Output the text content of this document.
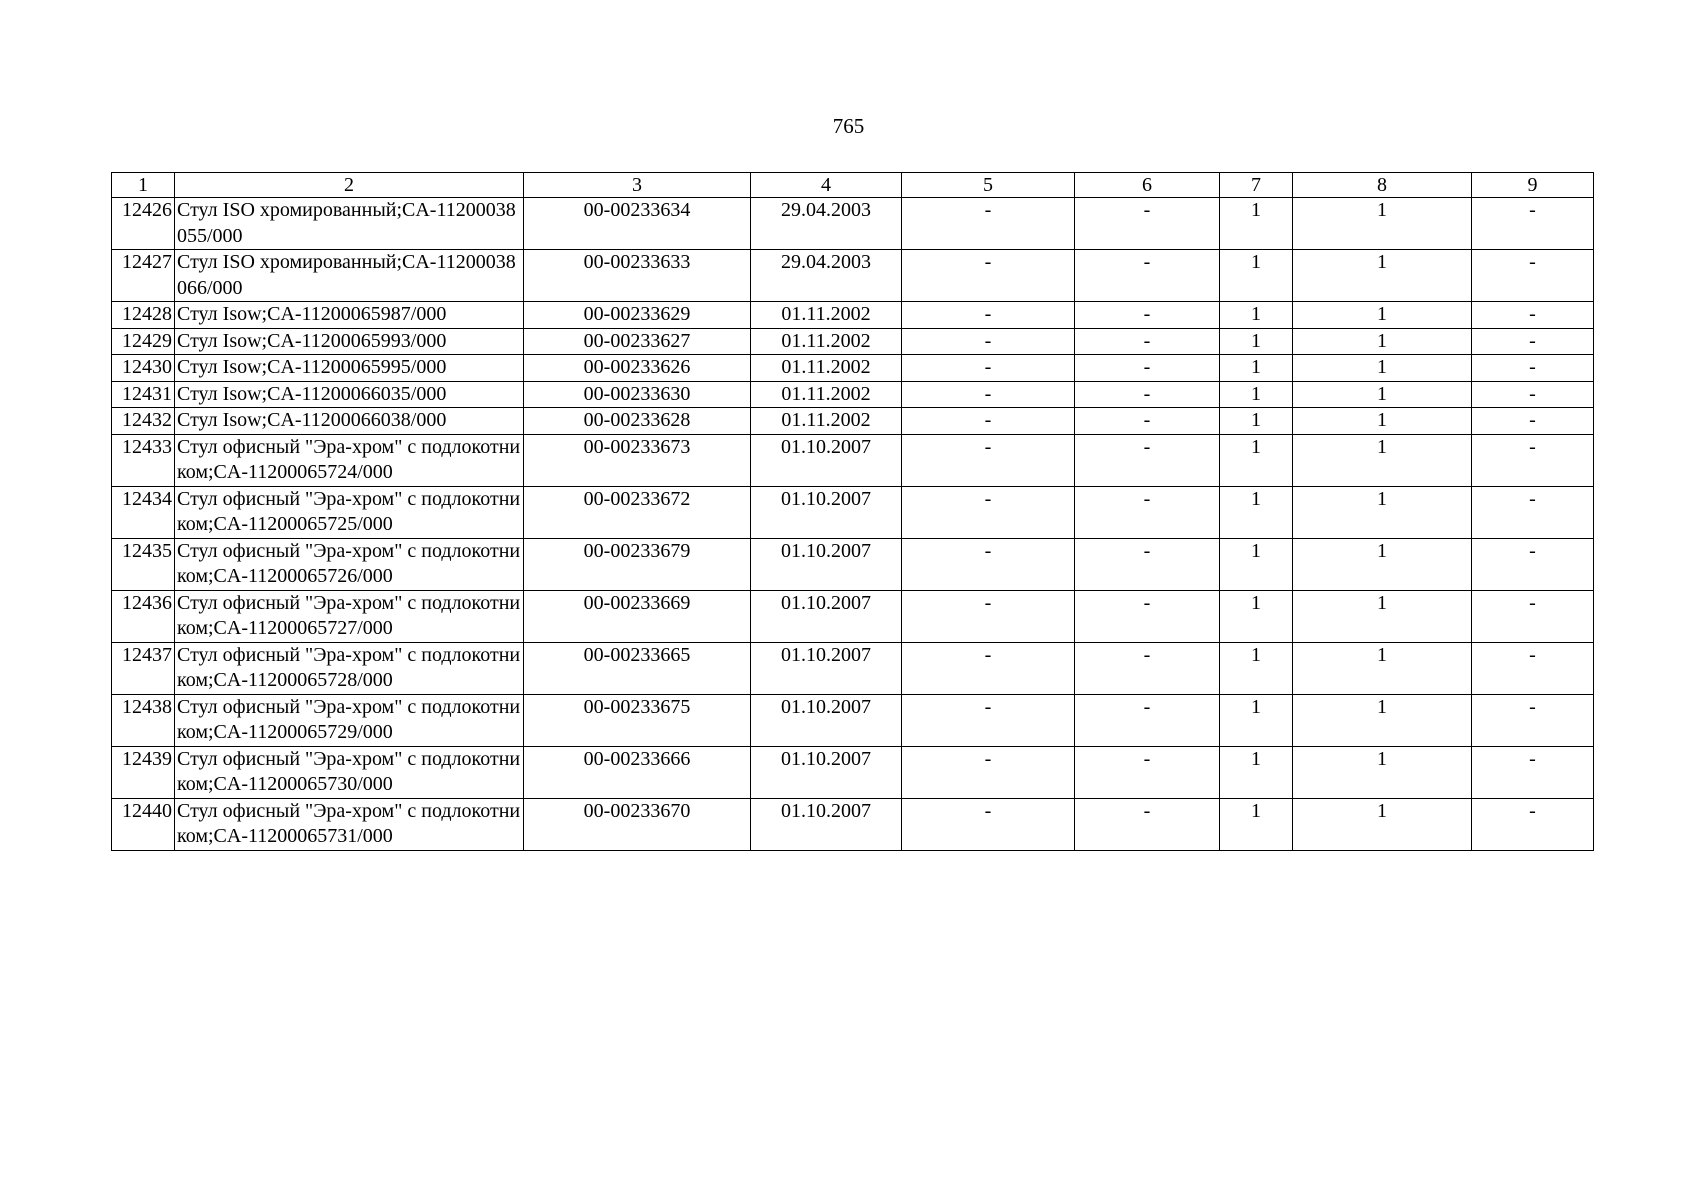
765
1	2	3	4	5	6	7	8	9
12426	Стул ISO хромированный;CA-11200038055/000	00-00233634	29.04.2003	-	-	1	1	-
12427	Стул ISO хромированный;CA-11200038066/000	00-00233633	29.04.2003	-	-	1	1	-
12428	Стул Isow;CA-11200065987/000	00-00233629	01.11.2002	-	-	1	1	-
12429	Стул Isow;CA-11200065993/000	00-00233627	01.11.2002	-	-	1	1	-
12430	Стул Isow;CA-11200065995/000	00-00233626	01.11.2002	-	-	1	1	-
12431	Стул Isow;CA-11200066035/000	00-00233630	01.11.2002	-	-	1	1	-
12432	Стул Isow;CA-11200066038/000	00-00233628	01.11.2002	-	-	1	1	-
12433	Стул офисный "Эра-хром" с подлокотником;CA-11200065724/000	00-00233673	01.10.2007	-	-	1	1	-
12434	Стул офисный "Эра-хром" с подлокотником;CA-11200065725/000	00-00233672	01.10.2007	-	-	1	1	-
12435	Стул офисный "Эра-хром" с подлокотником;CA-11200065726/000	00-00233679	01.10.2007	-	-	1	1	-
12436	Стул офисный "Эра-хром" с подлокотником;CA-11200065727/000	00-00233669	01.10.2007	-	-	1	1	-
12437	Стул офисный "Эра-хром" с подлокотником;CA-11200065728/000	00-00233665	01.10.2007	-	-	1	1	-
12438	Стул офисный "Эра-хром" с подлокотником;CA-11200065729/000	00-00233675	01.10.2007	-	-	1	1	-
12439	Стул офисный "Эра-хром" с подлокотником;CA-11200065730/000	00-00233666	01.10.2007	-	-	1	1	-
12440	Стул офисный "Эра-хром" с подлокотником;CA-11200065731/000	00-00233670	01.10.2007	-	-	1	1	-
